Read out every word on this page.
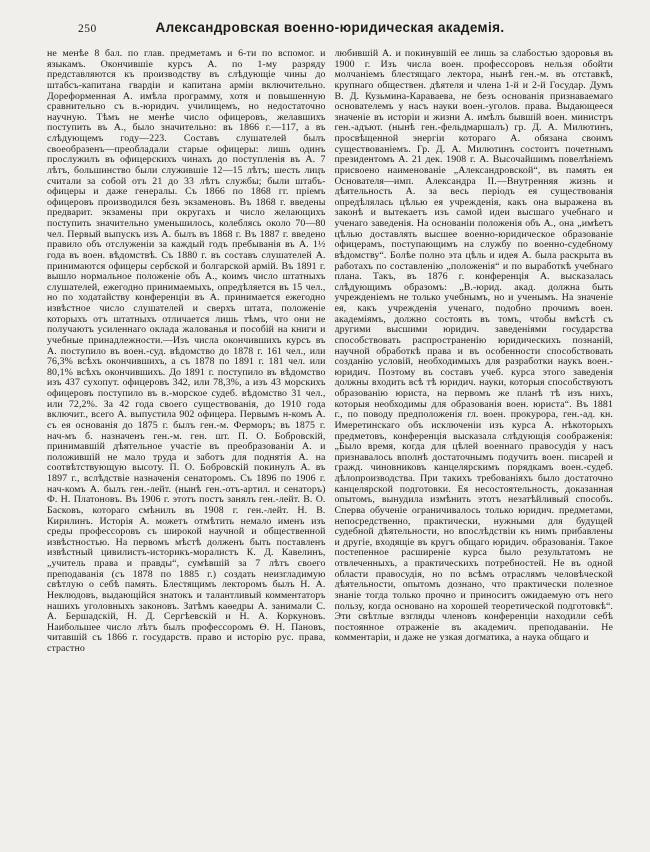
250	Александровская военно-юридическая академія.
не менѣе 8 бал. по глав. предметамъ и 6-ти по вспомог. и языкамъ. Окончившіе курсъ А. по 1-му разряду представляются къ производству въ слѣдующіе чины до штабсъ-капитана гвардіи и капитана арміи включительно. Дореформенная А. имѣла программу, хотя и повышенную сравнительно съ в.-юридич. училищемъ, но недостаточно научную. Тѣмъ не менѣе число офицеровъ, желавшихъ поступить въ А., было значительно: въ 1866 г.—117, а въ слѣдующемъ году—223. Составъ слушателей былъ своеобразенъ—преобладали старые офицеры: лишь одинъ прослужилъ въ офицерскихъ чинахъ до поступленія въ А. 7 лѣтъ, большинство были служившіе 12—15 лѣтъ; шесть лицъ считали за собой отъ 21 до 33 лѣтъ службы; были штабъ-офицеры и даже генералы. Съ 1866 по 1868 гг. пріемъ офицеровъ производился безъ экзаменовъ. Въ 1868 г. введены предварит. экзамены при округахъ и число желающихъ поступить значительно уменьшилось, колеблясь около 70—80 чел. Первый выпускъ изъ А. былъ въ 1868 г. Въ 1887 г. введено правило объ отслуженіи за каждый годъ пребыванія въ А. 1½ года въ воен. вѣдомствѣ. Съ 1880 г. въ составъ слушателей А. принимаются офицеры сербской и болгарской армій. Въ 1891 г. вышло нормальное положеніе объ А., коимъ число штатныхъ слушателей, ежегодно принимаемыхъ, опредѣляется въ 15 чел., но по ходатайству конференціи въ А. принимается ежегодно извѣстное число слушателей и сверхъ штата, положеніе которыхъ отъ штатныхъ отличается лишь тѣмъ, что они не получаютъ усиленнаго оклада жалованья и пособій на книги и учебные принадлежности.—Изъ числа окончившихъ курсъ въ А. поступило въ воен.-суд. вѣдомство до 1878 г. 161 чел., или 76,3% всѣхъ окончившихъ, а съ 1878 по 1891 г. 181 чел. или 80,1% всѣхъ окончившихъ. До 1891 г. поступило въ вѣдомство изъ 437 сухопут. офицеровъ 342, или 78,3%, а изъ 43 морскихъ офицеровъ поступило въ в.-морское судеб. вѣдомство 31 чел., или 72,2%. За 42 года своего существованія, до 1910 года включит., всего А. выпустила 902 офицера. Первымъ н-комъ А. съ ея основанія до 1875 г. былъ ген.-м. Ферморъ; въ 1875 г. нач-мъ б. назначенъ ген.-м. ген. шт. П. О. Бобровскій, принимавшій дѣятельное участіе въ преобразованіи А. и положившій не мало труда и заботъ для поднятія А. на соотвѣтствующую высоту. П. О. Бобровскій покинулъ А. въ 1897 г., вслѣдствіе назначенія сенаторомъ. Съ 1896 по 1906 г. нач-комъ А. былъ ген.-лейт. (нынѣ ген.-отъ-артил. и сенаторъ) Ф. Н. Платоновъ. Въ 1906 г. этотъ постъ занялъ ген.-лейт. В. О. Басковъ, котораго смѣнилъ въ 1908 г. ген.-лейт. Н. В. Кирилинъ. Исторія А. можетъ отмѣтить немало именъ изъ среды профессоровъ съ широкой научной и общественной извѣстностью. На первомъ мѣстѣ долженъ быть поставленъ извѣстный цивилистъ-историкъ-моралистъ К. Д. Кавелинъ, „учитель права и правды“, сумѣвшій за 7 лѣтъ своего преподаванія (съ 1878 по 1885 г.) создать неизгладимую свѣтлую о себѣ память. Блестящимъ лекторомъ былъ Н. А. Неклюдовъ, выдающійся знатокъ и талантливый комментаторъ нашихъ уголовныхъ законовъ. Затѣмъ каѳедры А. занимали С. А. Бершадскій, Н. Д. Сергѣевскій и Н. А. Коркуновъ. Наибольшее число лѣтъ былъ профессоромъ Ѳ. Н. Пановъ, читавшій съ 1866 г. государств. право и исторію рус. права, страстно
любившій А. и покинувшій ее лишь за слабостью здоровья въ 1900 г. Изъ числа воен. профессоровъ нельзя обойти молчаніемъ блестящаго лектора, нынѣ ген.-м. въ отставкѣ, крупнаго обществен. дѣятеля и члена 1-й и 2-й Государ. Думъ В. Д. Кузьмина-Караваева, не безъ основанія признаваемаго основателемъ у насъ науки воен.-уголов. права. Выдающееся значеніе въ исторіи и жизни А. имѣлъ бывшій воен. министръ ген.-адъют. (нынѣ ген.-фельдмаршалъ) гр. Д. А. Милютинъ, просвѣщенной энергіи котораго А. обязана своимъ существованіемъ. Гр. Д. А. Милютинъ состоитъ почетнымъ президентомъ А. 21 дек. 1908 г. А. Высочайшимъ повелѣніемъ присвоено наименованіе „Александровской“, въ память ея Основателя—имп. Александра II.—Внутренняя жизнь и дѣятельность А. за весь періодъ ея существованія опредѣлялась цѣлью ея учрежденія, какъ она выражена въ законѣ и вытекаетъ изъ самой идеи высшаго учебнаго и ученаго заведенія. На основаніи положенія объ А., она „имѣетъ цѣлью доставлять высшее военно-юридическое образованіе офицерамъ, поступающимъ на службу по военно-судебному вѣдомству“. Болѣе полно эта цѣль и идея А. была раскрыта въ работахъ по составленію „положенія“ и по выработкѣ учебнаго плана. Такъ, въ 1876 г. конференція А. высказалась слѣдующимъ образомъ: „В.-юрид. акад. должна быть учрежденіемъ не только учебнымъ, но и ученымъ. На значеніе ея, какъ учрежденія ученаго, подобно прочимъ воен. академіямъ, должно состоять въ томъ, чтобы вмѣстѣ съ другими высшими юридич. заведеніями государства способствовать распространенію юридическихъ познаній, научной обработкѣ права и въ особенности способствовать созданію условій, необходимыхъ для разработки наукъ воен.-юридич. Поэтому въ составъ учеб. курса этого заведенія должны входить всѣ тѣ юридич. науки, которыя способствуютъ образованію юриста, на первомъ же планѣ тѣ изъ нихъ, которыя необходимы для образованія воен. юриста“. Въ 1881 г., по поводу предположенія гл. воен. прокурора, ген.-ад. кн. Имеретинскаго объ исключеніи изъ курса А. нѣкоторыхъ предметовъ, конференція высказала слѣдующія соображенія: „Было время, когда для цѣлей военнаго правосудія у насъ признавалось вполнѣ достаточнымъ подучить воен. писарей и гражд. чиновниковъ канцелярскимъ порядкамъ воен.-судеб. дѣлопроизводства. При такихъ требованіяхъ было достаточно канцелярской подготовки. Ея несостоятельность, доказанная опытомъ, вынудила измѣнить этотъ незатѣйливый способъ. Сперва обученіе ограничивалось только юридич. предметами, непосредственно, практически, нужными для будущей судебной дѣятельности, но впослѣдствіи къ нимъ прибавлены и другіе, входящіе въ кругъ общаго юридич. образованія. Такое постепенное расширеніе курса было результатомъ не отвлеченныхъ, а практическихъ потребностей. Не въ одной области правосудія, но по всѣмъ отраслямъ человѣческой дѣятельности, опытомъ дознано, что практически полезное знаніе тогда только прочно и приноситъ ожидаемую отъ него пользу, когда основано на хорошей теоретической подготовкѣ“. Эти свѣтлые взгляды членовъ конференціи находили себѣ постоянное отраженіе въ академич. преподаваніи. Не комментаріи, и даже не узкая догматика, а наука общаго и
